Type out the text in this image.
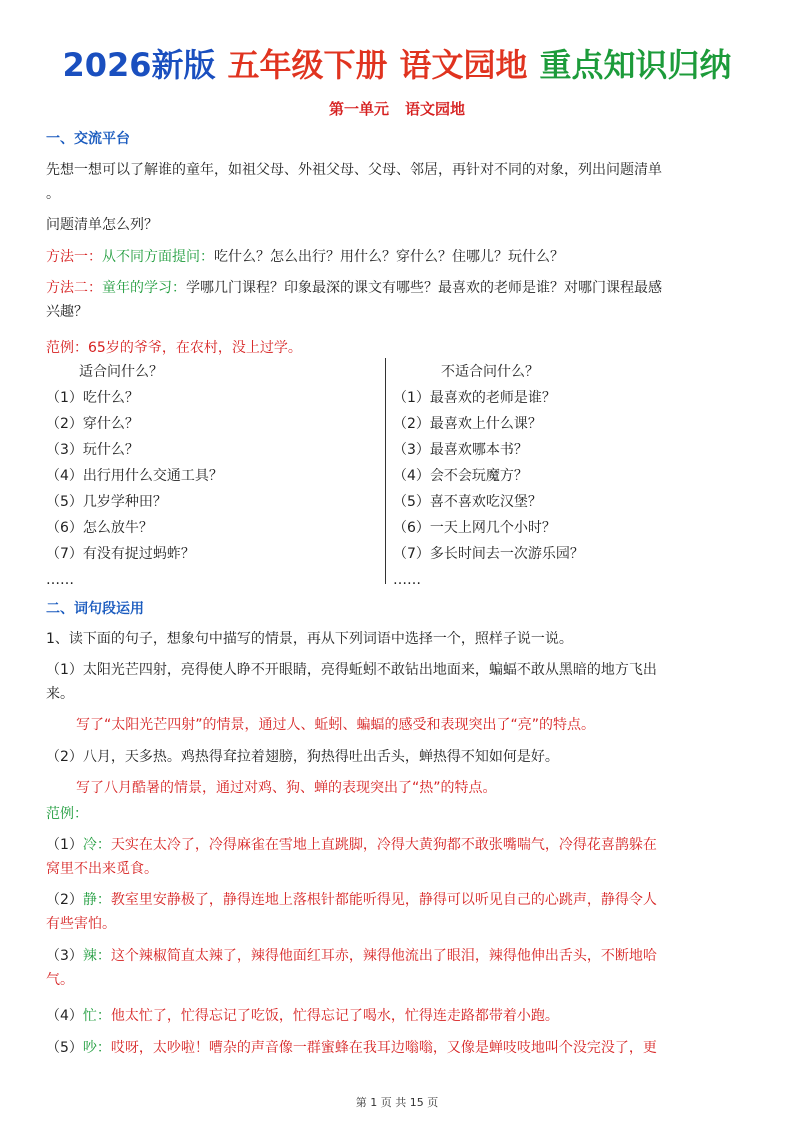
2026新版 五年级下册 语文园地 重点知识归纳
第一单元 语文园地
一、交流平台
先想一想可以了解谁的童年，如祖父母、外祖父母、父母、邻居，再针对不同的对象，列出问题清单
。
问题清单怎么列？
方法一：从不同方面提问：吃什么？怎么出行？用什么？穿什么？住哪儿？玩什么？
方法二：童年的学习：学哪几门课程？印象最深的课文有哪些？最喜欢的老师是谁？对哪门课程最感
兴趣？
范例：65岁的爷爷，在农村，没上过学。
适合问什么？
（1）吃什么？
（2）穿什么？
（3）玩什么？
（4）出行用什么交通工具？
（5）几岁学种田？
（6）怎么放牛？
（7）有没有捉过蚂蚱？
……
不适合问什么？
（1）最喜欢的老师是谁？
（2）最喜欢上什么课？
（3）最喜欢哪本书？
（4）会不会玩魔方？
（5）喜不喜欢吃汉堡？
（6）一天上网几个小时？
（7）多长时间去一次游乐园？
……
二、词句段运用
1、读下面的句子，想象句中描写的情景，再从下列词语中选择一个，照样子说一说。
（1）太阳光芒四射，亮得使人睁不开眼睛，亮得蚯蚓不敢钻出地面来，蝙蝠不敢从黑暗的地方飞出
来。
写了“太阳光芒四射”的情景，通过人、蚯蚓、蝙蝠的感受和表现突出了“亮”的特点。
（2）八月，天多热。鸡热得耷拉着翅膀，狗热得吐出舌头，蝉热得不知如何是好。
写了八月酷暑的情景，通过对鸡、狗、蝉的表现突出了“热”的特点。
范例：
（1）冷：天实在太冷了，冷得麻雀在雪地上直跳脚，冷得大黄狗都不敢张嘴喘气，冷得花喜鹊躲在
窝里不出来觅食。
（2）静：教室里安静极了，静得连地上落根针都能听得见，静得可以听见自己的心跳声，静得令人
有些害怕。
（3）辣：这个辣椒简直太辣了，辣得他面红耳赤，辣得他流出了眼泪，辣得他伸出舌头，不断地哈
气。
（4）忙：他太忙了，忙得忘记了吃饭，忙得忘记了喝水，忙得连走路都带着小跑。
（5）吵：哎呀，太吵啦！嘈杂的声音像一群蜜蜂在我耳边嗡嗡，又像是蝉吱吱地叫个没完没了，更
第 1 页 共 15 页
